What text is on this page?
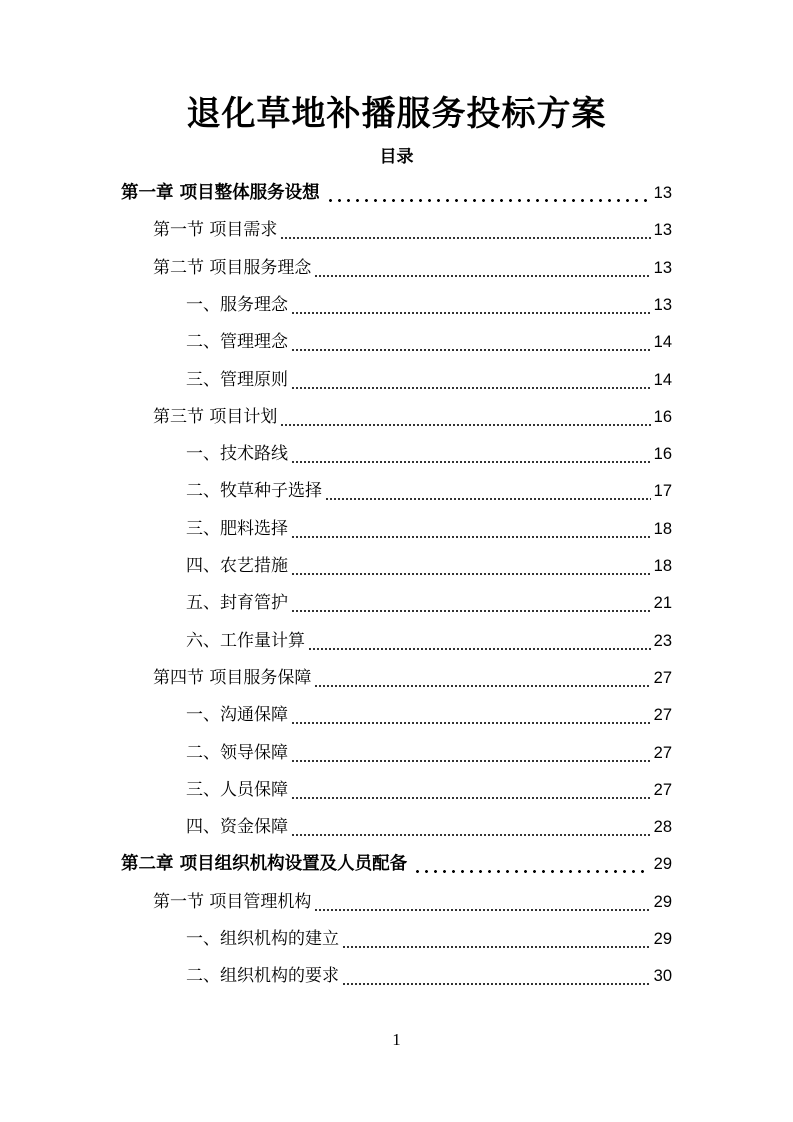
退化草地补播服务投标方案
目录
第一章 项目整体服务设想	13
第一节 项目需求	13
第二节 项目服务理念	13
一、服务理念	13
二、管理理念	14
三、管理原则	14
第三节 项目计划	16
一、技术路线	16
二、牧草种子选择	17
三、肥料选择	18
四、农艺措施	18
五、封育管护	21
六、工作量计算	23
第四节 项目服务保障	27
一、沟通保障	27
二、领导保障	27
三、人员保障	27
四、资金保障	28
第二章 项目组织机构设置及人员配备	29
第一节 项目管理机构	29
一、组织机构的建立	29
二、组织机构的要求	30
1
